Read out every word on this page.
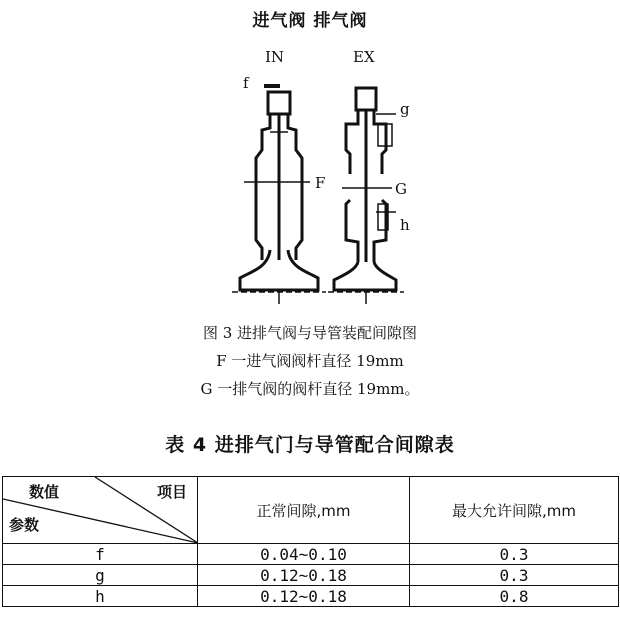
进气阀 排气阀
IN	EX
f
g
F	G
h
图 3 进排气阀与导管装配间隙图
F 一进气阀阀杆直径 19mm
G 一排气阀的阀杆直径 19mm。
表 4 进排气门与导管配合间隙表
数值 项目
参数	正常间隙,mm	最大允许间隙,mm
f	0.04~0.10	0.3
g	0.12~0.18	0.3
h	0.12~0.18	0.8
